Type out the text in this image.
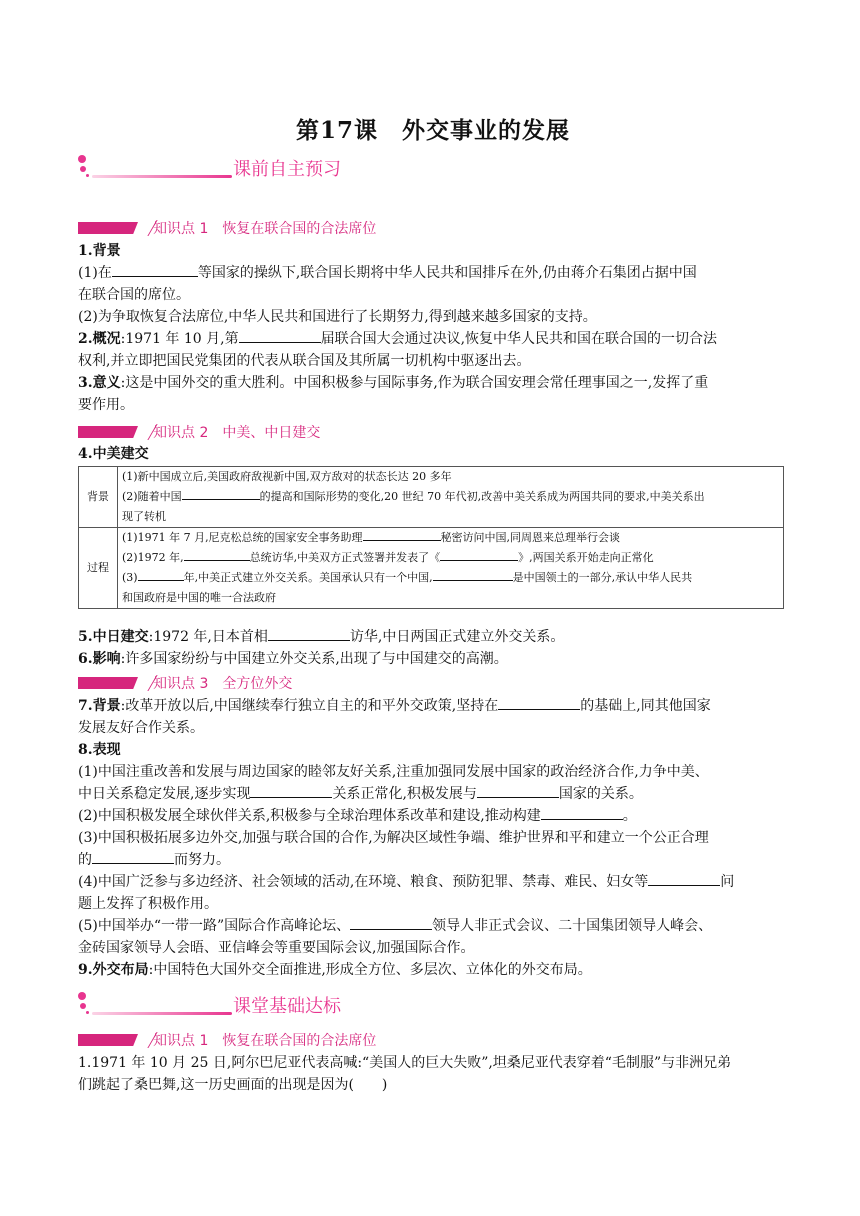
第17课　外交事业的发展
课前自主预习
知识点 1　恢复在联合国的合法席位
1.背景
(1)在	等国家的操纵下,联合国长期将中华人民共和国排斥在外,仍由蒋介石集团占据中国
在联合国的席位。
(2)为争取恢复合法席位,中华人民共和国进行了长期努力,得到越来越多国家的支持。
2.概况:1971 年 10 月,第	届联合国大会通过决议,恢复中华人民共和国在联合国的一切合法
权利,并立即把国民党集团的代表从联合国及其所属一切机构中驱逐出去。
3.意义:这是中国外交的重大胜利。中国积极参与国际事务,作为联合国安理会常任理事国之一,发挥了重
要作用。
知识点 2　中美、中日建交
4.中美建交
背景	(1)新中国成立后,美国政府敌视新中国,双方敌对的状态长达 20 多年
(2)随着中国 的提高和国际形势的变化,20 世纪 70 年代初,改善中美关系成为两国共同的要求,中美关系出
现了转机

过程	(1)1971 年 7 月,尼克松总统的国家安全事务助理 秘密访问中国,同周恩来总理举行会谈
(2)1972 年, 总统访华,中美双方正式签署并发表了《 》,两国关系开始走向正常化
(3) 年,中美正式建立外交关系。美国承认只有一个中国, 是中国领土的一部分,承认中华人民共
和国政府是中国的唯一合法政府
5.中日建交:1972 年,日本首相	访华,中日两国正式建立外交关系。
6.影响:许多国家纷纷与中国建立外交关系,出现了与中国建交的高潮。
知识点 3　全方位外交
7.背景:改革开放以后,中国继续奉行独立自主的和平外交政策,坚持在	的基础上,同其他国家
发展友好合作关系。
8.表现
(1)中国注重改善和发展与周边国家的睦邻友好关系,注重加强同发展中国家的政治经济合作,力争中美、
中日关系稳定发展,逐步实现	关系正常化,积极发展与	国家的关系。
(2)中国积极发展全球伙伴关系,积极参与全球治理体系改革和建设,推动构建	。
(3)中国积极拓展多边外交,加强与联合国的合作,为解决区域性争端、维护世界和平和建立一个公正合理
的	而努力。
(4)中国广泛参与多边经济、社会领域的活动,在环境、粮食、预防犯罪、禁毒、难民、妇女等	问
题上发挥了积极作用。
(5)中国举办“一带一路”国际合作高峰论坛、	领导人非正式会议、二十国集团领导人峰会、
金砖国家领导人会晤、亚信峰会等重要国际会议,加强国际合作。
9.外交布局:中国特色大国外交全面推进,形成全方位、多层次、立体化的外交布局。
课堂基础达标
知识点 1　恢复在联合国的合法席位
1.1971 年 10 月 25 日,阿尔巴尼亚代表高喊:“美国人的巨大失败”,坦桑尼亚代表穿着“毛制服”与非洲兄弟
们跳起了桑巴舞,这一历史画面的出现是因为(　　)
